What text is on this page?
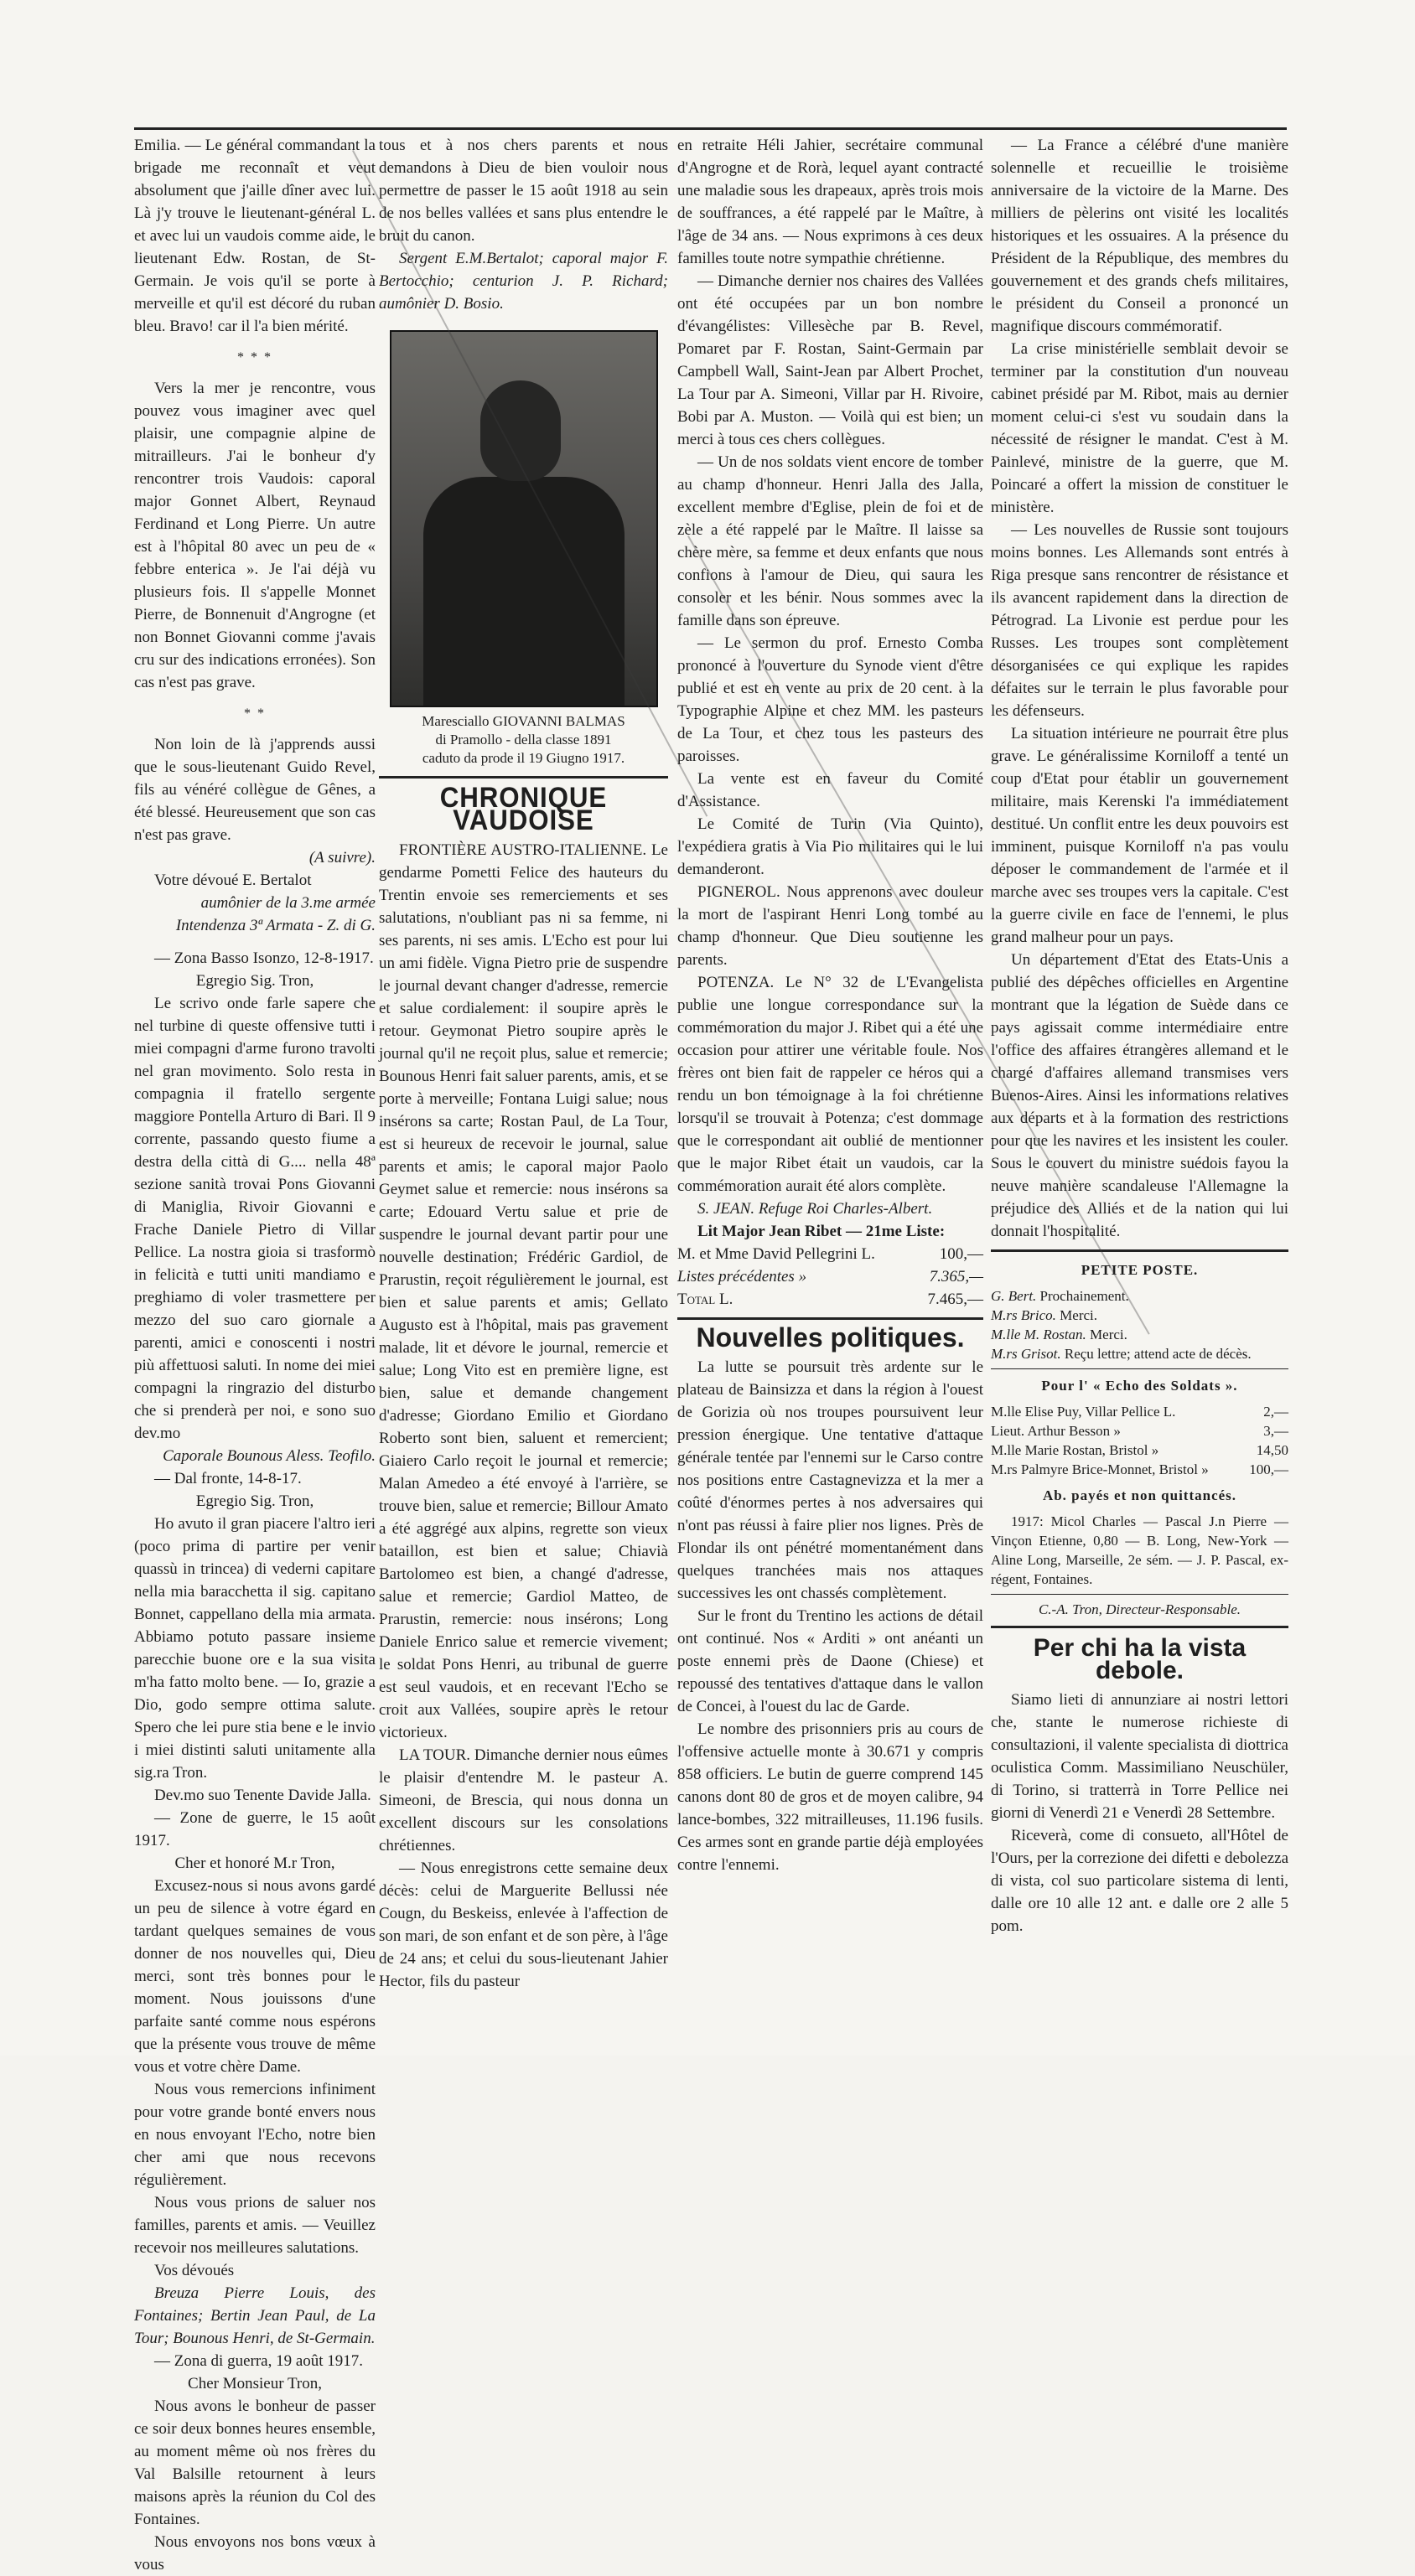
Emilia. — Le général commandant la brigade me reconnaît et veut absolument que j'aille dîner avec lui. Là j'y trouve le lieutenant-général L. et avec lui un vaudois comme aide, le lieutenant Edw. Rostan, de St-Germain. Je vois qu'il se porte à merveille et qu'il est décoré du ruban bleu. Bravo! car il l'a bien mérité.

* * *

Vers la mer je rencontre, vous pouvez vous imaginer avec quel plaisir, une compagnie alpine de mitrailleurs. J'ai le bonheur d'y rencontrer trois Vaudois: caporal major Gonnet Albert, Reynaud Ferdinand et Long Pierre. Un autre est à l'hôpital 80 avec un peu de « febbre enterica ». Je l'ai déjà vu plusieurs fois. Il s'appelle Monnet Pierre, de Bonnenuit d'Angrogne (et non Bonnet Giovanni comme j'avais cru sur des indications erronées). Son cas n'est pas grave.

* *

Non loin de là j'apprends aussi que le sous-lieutenant Guido Revel, fils au vénéré collègue de Gênes, a été blessé. Heureusement que son cas n'est pas grave.

(A suivre).

Votre dévoué E. Bertalot

aumônier de la 3.me armée
Intendenza 3ª Armata - Z. di G.

— Zona Basso Isonzo, 12-8-1917.

Egregio Sig. Tron,

Le scrivo onde farle sapere che nel turbine di queste offensive tutti i miei compagni d'arme furono travolti nel gran movimento. Solo resta in compagnia il fratello sergente maggiore Pontella Arturo di Bari. Il 9 corrente, passando questo fiume a destra della città di G.... nella 48ª sezione sanità trovai Pons Giovanni di Maniglia, Rivoir Giovanni e Frache Daniele Pietro di Villar Pellice. La nostra gioia si trasformò in felicità e tutti uniti mandiamo e preghiamo di voler trasmettere per mezzo del suo caro giornale a parenti, amici e conoscenti i nostri più affettuosi saluti. In nome dei miei compagni la ringrazio del disturbo che si prenderà per noi, e sono suo dev.mo

Caporale Bounous Aless. Teofilo.

— Dal fronte, 14-8-17.

Egregio Sig. Tron,

Ho avuto il gran piacere l'altro ieri (poco prima di partire per venir quassù in trincea) di vederni capitare nella mia baracchetta il sig. capitano Bonnet, cappellano della mia armata. Abbiamo potuto passare insieme parecchie buone ore e la sua visita m'ha fatto molto bene. — Io, grazie a Dio, godo sempre ottima salute. Spero che lei pure stia bene e le invio i miei distinti saluti unitamente alla sig.ra Tron.

Dev.mo suo Tenente Davide Jalla.

— Zone de guerre, le 15 août 1917.

Cher et honoré M.r Tron,

Excusez-nous si nous avons gardé un peu de silence à votre égard en tardant quelques semaines de vous donner de nos nouvelles qui, Dieu merci, sont très bonnes pour le moment. Nous jouissons d'une parfaite santé comme nous espérons que la présente vous trouve de même vous et votre chère Dame.

Nous vous remercions infiniment pour votre grande bonté envers nous en nous envoyant l'Echo, notre bien cher ami que nous recevons régulièrement.

Nous vous prions de saluer nos familles, parents et amis. — Veuillez recevoir nos meilleures salutations.

Vos dévoués

Breuza Pierre Louis, des Fontaines; Bertin Jean Paul, de La Tour; Bounous Henri, de St-Germain.

— Zona di guerra, 19 août 1917.

Cher Monsieur Tron,

Nous avons le bonheur de passer ce soir deux bonnes heures ensemble, au moment même où nos frères du Val Balsille retournent à leurs maisons après la réunion du Col des Fontaines.

Nous envoyons nos bons vœux à vous

tous et à nos chers parents et nous demandons à Dieu de bien vouloir nous permettre de passer le 15 août 1918 au sein de nos belles vallées et sans plus entendre le bruit du canon.

Sergent E.M.Bertalot; caporal major F. Bertocchio; centurion J. P. Richard; aumônier D. Bosio.

Maresciallo GIOVANNI BALMAS
di Pramollo - della classe 1891
caduto da prode il 19 Giugno 1917.
CHRONIQUE VAUDOISE

FRONTIÈRE AUSTRO-ITALIENNE. Le gendarme Pometti Felice des hauteurs du Trentin envoie ses remerciements et ses salutations, n'oubliant pas ni sa femme, ni ses parents, ni ses amis. L'Echo est pour lui un ami fidèle. Vigna Pietro prie de suspendre le journal devant changer d'adresse, remercie et salue cordialement: il soupire après le retour. Geymonat Pietro soupire après le journal qu'il ne reçoit plus, salue et remercie; Bounous Henri fait saluer parents, amis, et se porte à merveille; Fontana Luigi salue; nous insérons sa carte; Rostan Paul, de La Tour, est si heureux de recevoir le journal, salue parents et amis; le caporal major Paolo Geymet salue et remercie: nous insérons sa carte; Edouard Vertu salue et prie de suspendre le journal devant partir pour une nouvelle destination; Frédéric Gardiol, de Prarustin, reçoit régulièrement le journal, est bien et salue parents et amis; Gellato Augusto est à l'hôpital, mais pas gravement malade, lit et dévore le journal, remercie et salue; Long Vito est en première ligne, est bien, salue et demande changement d'adresse; Giordano Emilio et Giordano Roberto sont bien, saluent et remercient; Giaiero Carlo reçoit le journal et remercie; Malan Amedeo a été envoyé à l'arrière, se trouve bien, salue et remercie; Billour Amato a été aggrégé aux alpins, regrette son vieux bataillon, est bien et salue; Chiavià Bartolomeo est bien, a changé d'adresse, salue et remercie; Gardiol Matteo, de Prarustin, remercie: nous insérons; Long Daniele Enrico salue et remercie vivement; le soldat Pons Henri, au tribunal de guerre est seul vaudois, et en recevant l'Echo se croit aux Vallées, soupire après le retour victorieux.

LA TOUR. Dimanche dernier nous eûmes le plaisir d'entendre M. le pasteur A. Simeoni, de Brescia, qui nous donna un excellent discours sur les consolations chrétiennes.

— Nous enregistrons cette semaine deux décès: celui de Marguerite Bellussi née Cougn, du Beskeiss, enlevée à l'affection de son mari, de son enfant et de son père, à l'âge de 24 ans; et celui du sous-lieutenant Jahier Hector, fils du pasteur

en retraite Héli Jahier, secrétaire communal d'Angrogne et de Rorà, lequel ayant contracté une maladie sous les drapeaux, après trois mois de souffrances, a été rappelé par le Maître, à l'âge de 34 ans. — Nous exprimons à ces deux familles toute notre sympathie chrétienne.

— Dimanche dernier nos chaires des Vallées ont été occupées par un bon nombre d'évangélistes: Villesèche par B. Revel, Pomaret par F. Rostan, Saint-Germain par Campbell Wall, Saint-Jean par Albert Prochet, La Tour par A. Simeoni, Villar par H. Rivoire, Bobi par A. Muston. — Voilà qui est bien; un merci à tous ces chers collègues.

— Un de nos soldats vient encore de tomber au champ d'honneur. Henri Jalla des Jalla, excellent membre d'Eglise, plein de foi et de zèle a été rappelé par le Maître. Il laisse sa chère mère, sa femme et deux enfants que nous confions à l'amour de Dieu, qui saura les consoler et les bénir. Nous sommes avec la famille dans son épreuve.

— Le sermon du prof. Ernesto Comba prononcé à l'ouverture du Synode vient d'être publié et est en vente au prix de 20 cent. à la Typographie Alpine et chez MM. les pasteurs de La Tour, et chez tous les pasteurs des paroisses.

La vente est en faveur du Comité d'Assistance.

Le Comité de Turin (Via Quinto), l'expédiera gratis à Via Pio militaires qui le lui demanderont.

PIGNEROL. Nous apprenons avec douleur la mort de l'aspirant Henri Long tombé au champ d'honneur. Que Dieu soutienne les parents.

POTENZA. Le N° 32 de L'Evangelista publie une longue correspondance sur la commémoration du major J. Ribet qui a été une occasion pour attirer une véritable foule. Nos frères ont bien fait de rappeler ce héros qui a rendu un bon témoignage à la foi chrétienne lorsqu'il se trouvait à Potenza; c'est dommage que le correspondant ait oublié de mentionner que le major Ribet était un vaudois, car la commémoration aurait été alors complète.

S. JEAN. Refuge Roi Charles-Albert.

Lit Major Jean Ribet — 21me Liste:

M. et Mme David Pellegrini L.	100,—
Listes précédentes »	7.365,—
Total L.	7.465,—
Nouvelles politiques.

La lutte se poursuit très ardente sur le plateau de Bainsizza et dans la région à l'ouest de Gorizia où nos troupes poursuivent leur pression énergique. Une tentative d'attaque générale tentée par l'ennemi sur le Carso contre nos positions entre Castagnevizza et la mer a coûté d'énormes pertes à nos adversaires qui n'ont pas réussi à faire plier nos lignes. Près de Flondar ils ont pénétré momentanément dans quelques tranchées mais nos attaques successives les ont chassés complètement.

Sur le front du Trentino les actions de détail ont continué. Nos « Arditi » ont anéanti un poste ennemi près de Daone (Chiese) et repoussé des tentatives d'attaque dans le vallon de Concei, à l'ouest du lac de Garde.

Le nombre des prisonniers pris au cours de l'offensive actuelle monte à 30.671 y compris 858 officiers. Le butin de guerre comprend 145 canons dont 80 de gros et de moyen calibre, 94 lance-bombes, 322 mitrailleuses, 11.196 fusils. Ces armes sont en grande partie déjà employées contre l'ennemi.

— La France a célébré d'une manière solennelle et recueillie le troisième anniversaire de la victoire de la Marne. Des milliers de pèlerins ont visité les localités historiques et les ossuaires. A la présence du Président de la République, des membres du gouvernement et des grands chefs militaires, le président du Conseil a prononcé un magnifique discours commémoratif.

La crise ministérielle semblait devoir se terminer par la constitution d'un nouveau cabinet présidé par M. Ribot, mais au dernier moment celui-ci s'est vu soudain dans la nécessité de résigner le mandat. C'est à M. Painlevé, ministre de la guerre, que M. Poincaré a offert la mission de constituer le ministère.

— Les nouvelles de Russie sont toujours moins bonnes. Les Allemands sont entrés à Riga presque sans rencontrer de résistance et ils avancent rapidement dans la direction de Pétrograd. La Livonie est perdue pour les Russes. Les troupes sont complètement désorganisées ce qui explique les rapides défaites sur le terrain le plus favorable pour les défenseurs.

La situation intérieure ne pourrait être plus grave. Le généralissime Korniloff a tenté un coup d'Etat pour établir un gouvernement militaire, mais Kerenski l'a immédiatement destitué. Un conflit entre les deux pouvoirs est imminent, puisque Korniloff n'a pas voulu déposer le commandement de l'armée et il marche avec ses troupes vers la capitale. C'est la guerre civile en face de l'ennemi, le plus grand malheur pour un pays.

Un département d'Etat des Etats-Unis a publié des dépêches officielles en Argentine montrant que la légation de Suède dans ce pays agissait comme intermédiaire entre l'office des affaires étrangères allemand et le chargé d'affaires allemand transmises vers Buenos-Aires. Ainsi les informations relatives aux départs et à la formation des restrictions pour que les navires et les insistent les couler. Sous le couvert du ministre suédois fayou la neuve manière scandaleuse l'Allemagne la préjudice des Alliés et de la nation qui lui donnait l'hospitalité.

PETITE POSTE.
G. Bert. Prochainement.
M.rs Brico. Merci.
M.lle M. Rostan. Merci.
M.rs Grisot. Reçu lettre; attend acte de décès.
Pour l' « Echo des Soldats ».
M.lle Elise Puy, Villar Pellice L.	2,—
Lieut. Arthur Besson »	3,—
M.lle Marie Rostan, Bristol »	14,50
M.rs Palmyre Brice-Monnet, Bristol »	100,—
Ab. payés et non quittancés.

1917: Micol Charles — Pascal J.n Pierre — Vinçon Etienne, 0,80 — B. Long, New-York — Aline Long, Marseille, 2e sém. — J. P. Pascal, ex-régent, Fontaines.

C.-A. Tron, Directeur-Responsable.
Per chi ha la vista debole.

Siamo lieti di annunziare ai nostri lettori che, stante le numerose richieste di consultazioni, il valente specialista di diottrica oculistica Comm. Massimiliano Neuschüler, di Torino, si tratterrà in Torre Pellice nei giorni di Venerdì 21 e Venerdì 28 Settembre.

Riceverà, come di consueto, all'Hôtel de l'Ours, per la correzione dei difetti e debolezza di vista, col suo particolare sistema di lenti, dalle ore 10 alle 12 ant. e dalle ore 2 alle 5 pom.
